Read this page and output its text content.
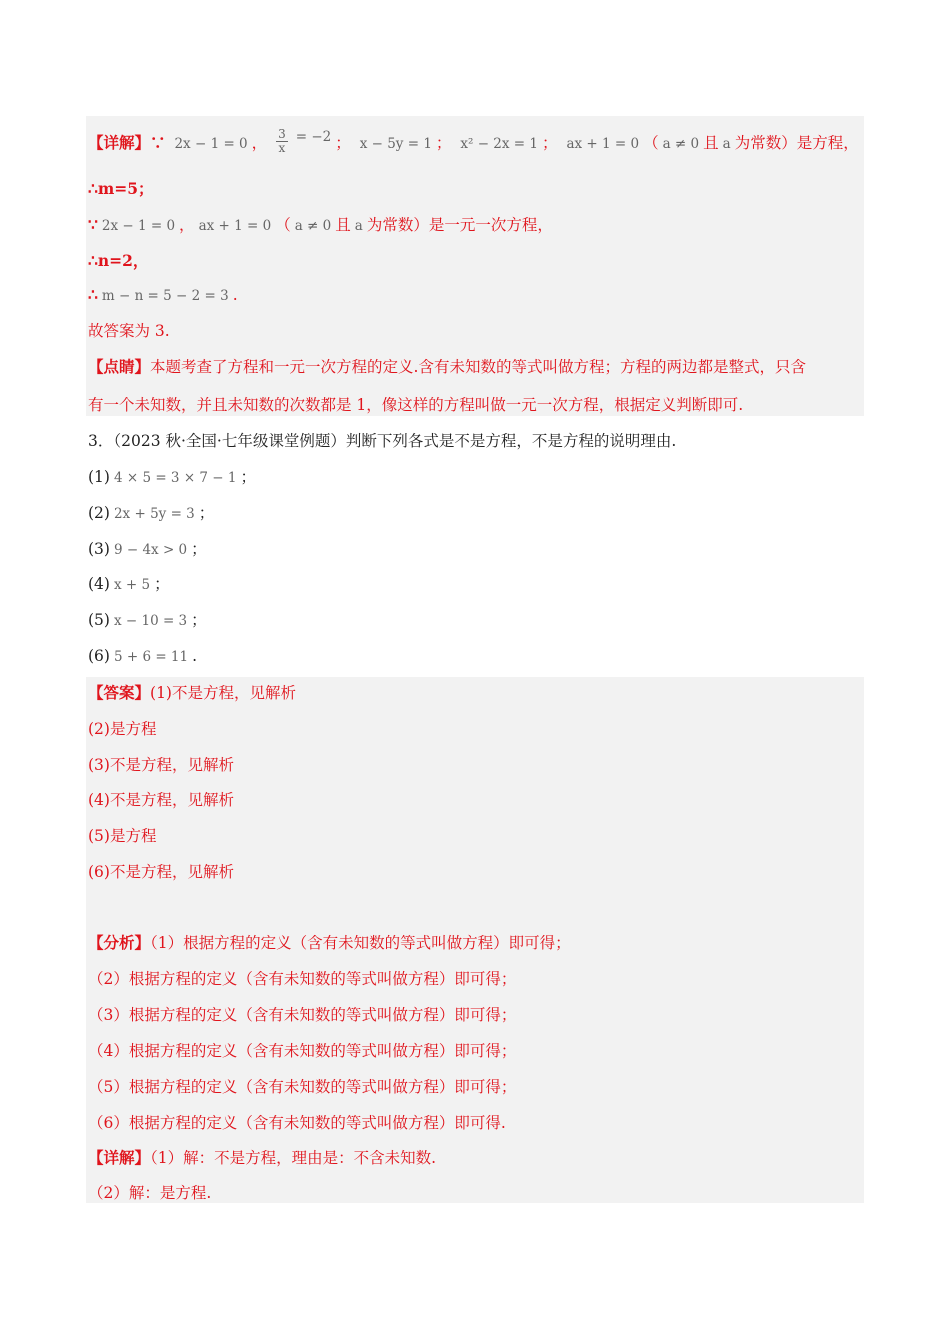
【详解】∵ 2x − 1 = 0 ， $\frac{3}{x} = -2$ ； x − 5y = 1 ； x² − 2x = 1 ； ax + 1 = 0 （ a ≠ 0 且 a 为常数）是方程，
∴m=5；
∵ 2x − 1 = 0 ， ax + 1 = 0 （ a ≠ 0 且 a 为常数）是一元一次方程，
∴n=2，
∴ m − n = 5 − 2 = 3 .
故答案为 3.
【点睛】本题考查了方程和一元一次方程的定义.含有未知数的等式叫做方程；方程的两边都是整式，只含
有一个未知数，并且未知数的次数都是 1，像这样的方程叫做一元一次方程，根据定义判断即可.
3．（2023 秋·全国·七年级课堂例题）判断下列各式是不是方程，不是方程的说明理由.
(1) 4 × 5 = 3 × 7 − 1 ；
(2) 2x + 5y = 3 ；
(3) 9 − 4x > 0 ；
(4) x + 5 ；
(5) x − 10 = 3 ；
(6) 5 + 6 = 11 .
【答案】(1)不是方程，见解析
(2)是方程
(3)不是方程，见解析
(4)不是方程，见解析
(5)是方程
(6)不是方程，见解析
【分析】（1）根据方程的定义（含有未知数的等式叫做方程）即可得；
（2）根据方程的定义（含有未知数的等式叫做方程）即可得；
（3）根据方程的定义（含有未知数的等式叫做方程）即可得；
（4）根据方程的定义（含有未知数的等式叫做方程）即可得；
（5）根据方程的定义（含有未知数的等式叫做方程）即可得；
（6）根据方程的定义（含有未知数的等式叫做方程）即可得.
【详解】（1）解：不是方程，理由是：不含未知数.
（2）解：是方程.
